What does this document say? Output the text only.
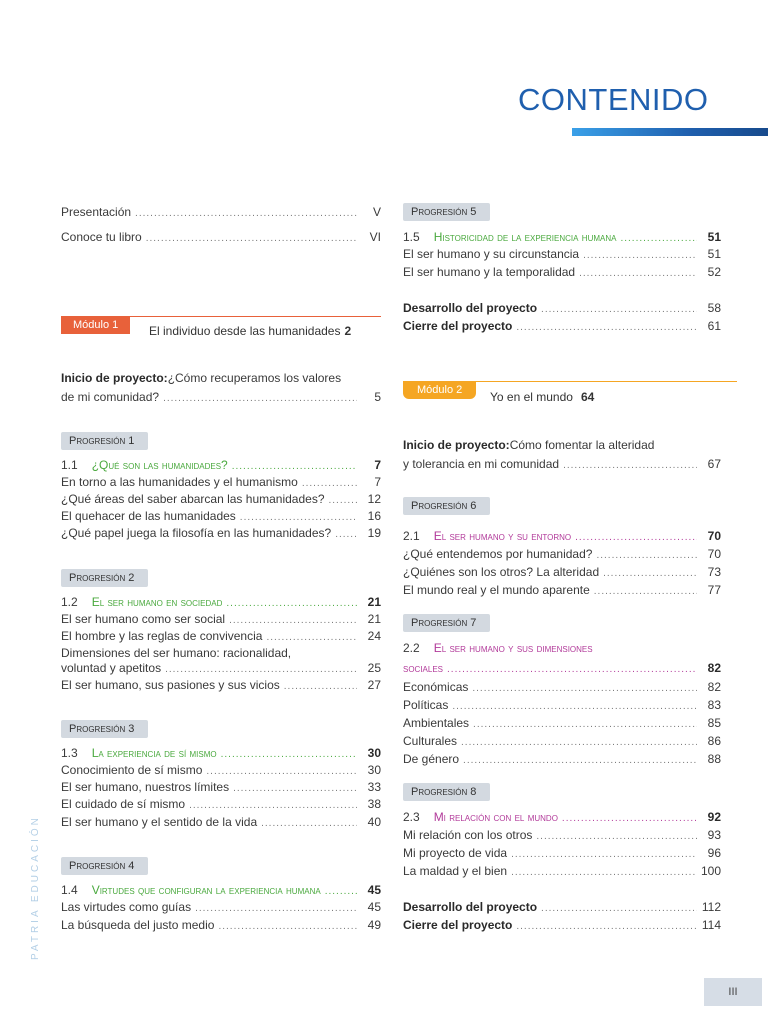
CONTENIDO
PATRIA EDUCACIÓN
III
Presentación .....	V
Conoce tu libro .....	VI
Módulo 1	El individuo desde las humanidades 2
Inicio de proyecto:¿Cómo recuperamos los valores
de mi comunidad? .....	5
Progresión 1
1.1 ¿Qué son las humanidades? .....	7
En torno a las humanidades y el humanismo .....	7
¿Qué áreas del saber abarcan las humanidades? .....	12
El quehacer de las humanidades .....	16
¿Qué papel juega la filosofía en las humanidades? .....	19
Progresión 2
1.2 El ser humano en sociedad .....	21
El ser humano como ser social .....	21
El hombre y las reglas de convivencia .....	24
Dimensiones del ser humano: racionalidad,
voluntad y apetitos .....	25
El ser humano, sus pasiones y sus vicios .....	27
Progresión 3
1.3 La experiencia de sí mismo .....	30
Conocimiento de sí mismo .....	30
El ser humano, nuestros límites .....	33
El cuidado de sí mismo .....	38
El ser humano y el sentido de la vida .....	40
Progresión 4
1.4 Virtudes que configuran la experiencia humana .....	45
Las virtudes como guías .....	45
La búsqueda del justo medio .....	49
Progresión 5
1.5 Historicidad de la experiencia humana .....	51
El ser humano y su circunstancia .....	51
El ser humano y la temporalidad .....	52
Desarrollo del proyecto .....	58
Cierre del proyecto .....	61
Módulo 2	Yo en el mundo 64
Inicio de proyecto:Cómo fomentar la alteridad
y tolerancia en mi comunidad .....	67
Progresión 6
2.1 El ser humano y su entorno .....	70
¿Qué entendemos por humanidad? .....	70
¿Quiénes son los otros? La alteridad .....	73
El mundo real y el mundo aparente .....	77
Progresión 7
2.2 El ser humano y sus dimensiones
sociales .....	82
Económicas .....	82
Políticas .....	83
Ambientales .....	85
Culturales .....	86
De género .....	88
Progresión 8
2.3 Mi relación con el mundo .....	92
Mi relación con los otros .....	93
Mi proyecto de vida .....	96
La maldad y el bien .....	100
Desarrollo del proyecto .....	112
Cierre del proyecto .....	114
